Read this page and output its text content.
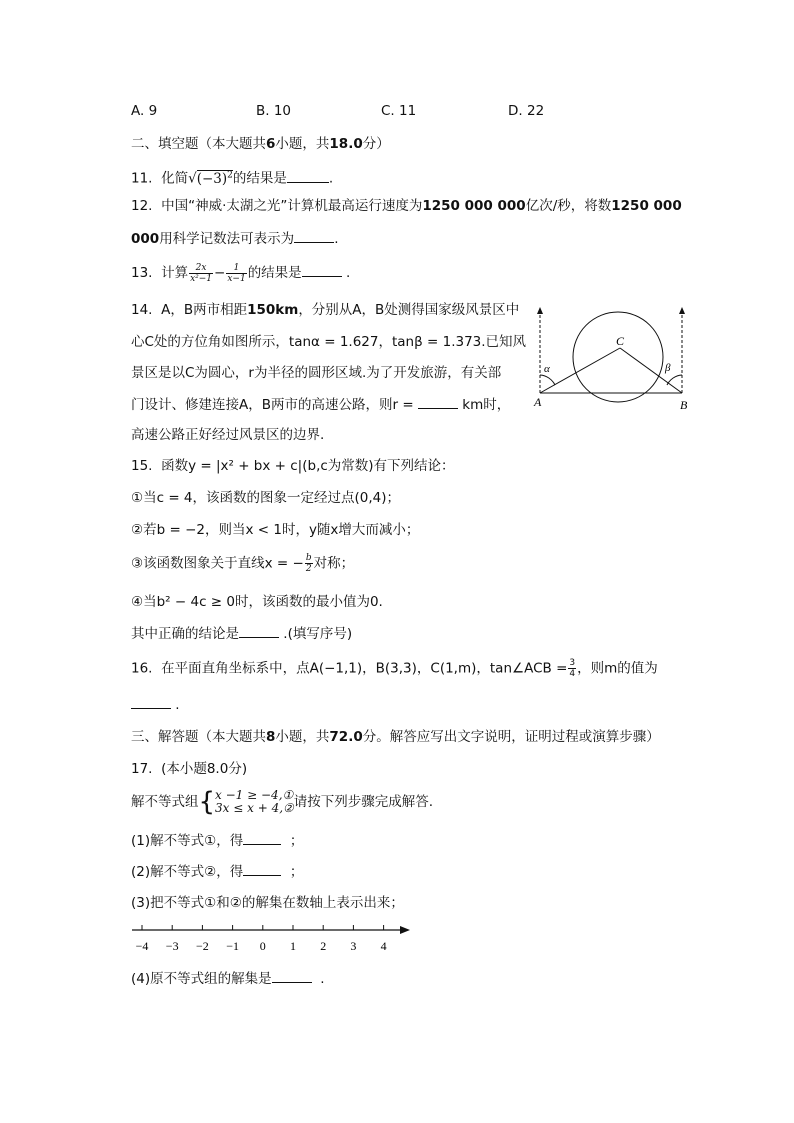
A. 9	B. 10	C. 11	D. 22
二、填空题（本大题共6小题，共18.0分）
11. 化简$√(-3)^2$的结果是	.
12. 中国“神威·太湖之光”计算机最高运行速度为1250 000 000亿次/秒，将数1250 000
000用科学记数法可表示为	.
13. 计算 $\frac{2x}{\text{x²−1}} - \frac{1}{x-1}$ 的结果是	.
14. A，B两市相距150km，分别从A，B处测得国家级风景区中
心C处的方位角如图所示，tanα = 1.627，tanβ = 1.373.已知风
景区是以C为圆心，r为半径的圆形区域.为了开发旅游，有关部
门设计、修建连接A，B两市的高速公路，则r =	km时，
高速公路正好经过风景区的边界.
C
α	β
A	B
15. 函数y = |x² + bx + c|(b,c为常数)有下列结论：
①当c = 4，该函数的图象一定经过点(0,4)；
②若b = −2，则当x < 1时，y随x增大而减小；
③该函数图象关于直线x = − $\frac{b}{2}$ 对称；
④当b² − 4c ≥ 0时，该函数的最小值为0.
其中正确的结论是	.(填写序号)
16. 在平面直角坐标系中，点A(−1,1)，B(3,3)，C(1,m)，tan∠ACB = $\frac{3}{4}$ ，则m的值为
.
三、解答题（本大题共8小题，共72.0分。解答应写出文字说明，证明过程或演算步骤）
17. (本小题8.0分)
解不等式组{ x −1 ≥ −4,①
3x ≤ x + 4,② 请按下列步骤完成解答.
(1)解不等式①，得	；
(2)解不等式②，得	；
(3)把不等式①和②的解集在数轴上表示出来；
−4 −3 −2 −1 0 1 2 3 4
(4)原不等式组的解集是	.
